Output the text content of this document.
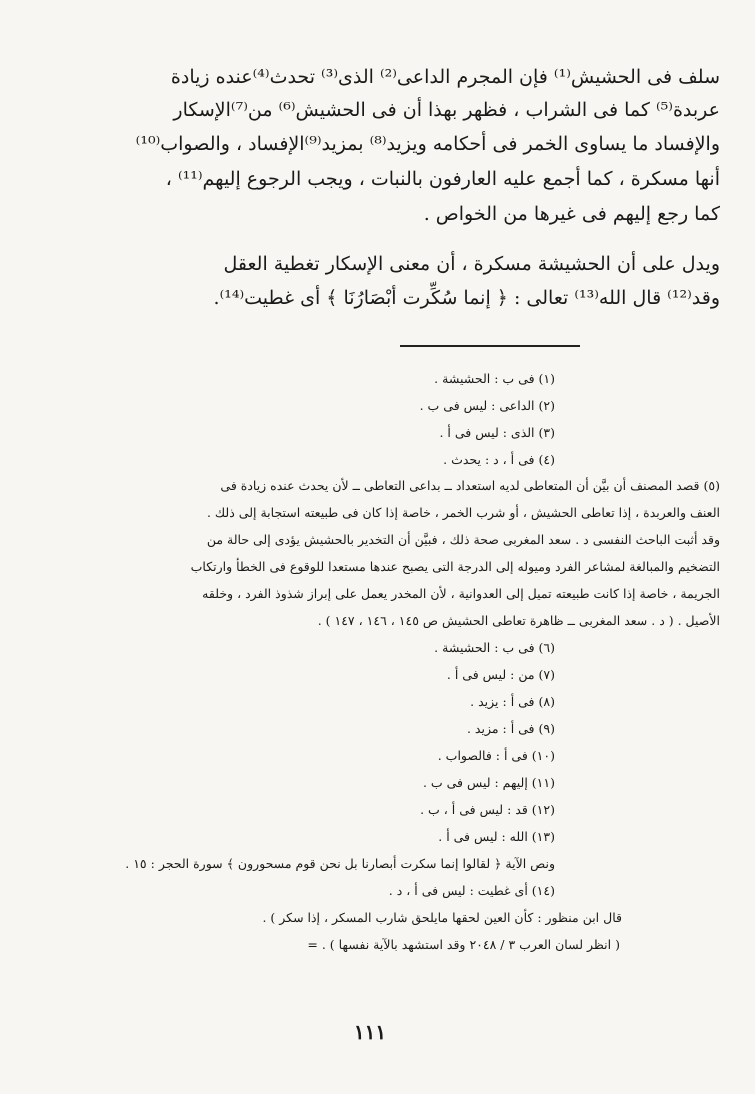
سلف فى الحشيش⁽¹⁾ فإن المجرم الداعى⁽²⁾ الذى⁽³⁾ تحدث⁽⁴⁾عنده زيادة
عربدة⁽⁵⁾ كما فى الشراب ، فظهر بهذا أن فى الحشيش⁽⁶⁾ من⁽⁷⁾الإسكار
والإفساد ما يساوى الخمر فى أحكامه ويزيد⁽⁸⁾ بمزيد⁽⁹⁾الإفساد ، والصواب⁽¹⁰⁾
أنها مسكرة ، كما أجمع عليه العارفون بالنبات ، ويجب الرجوع إليهم⁽¹¹⁾ ،
كما رجع إليهم فى غيرها من الخواص .
ويدل على أن الحشيشة مسكرة ، أن معنى الإسكار تغطية العقل
وقد⁽¹²⁾ قال الله⁽¹³⁾ تعالى : ﴿ إنما سُكِّرت أبْصَارُنَا ﴾ أى غطيت⁽¹⁴⁾.
(١) فى ب : الحشيشة .
(٢) الداعى : ليس فى ب .
(٣) الذى : ليس فى أ .
(٤) فى أ ، د : يحدث .
(٥) قصد المصنف أن بيَّن أن المتعاطى لديه استعداد ــ بداعى التعاطى ــ لأن يحدث عنده زيادة فى
العنف والعربدة ، إذا تعاطى الحشيش ، أو شرب الخمر ، خاصة إذا كان فى طبيعته استجابة إلى ذلك .
وقد أثبت الباحث النفسى د . سعد المغربى صحة ذلك ، فبيَّن أن التخدير بالحشيش يؤدى إلى حالة من
التضخيم والمبالغة لمشاعر الفرد وميوله إلى الدرجة التى يصبح عندها مستعدا للوقوع فى الخطأ وارتكاب
الجريمة ، خاصة إذا كانت طبيعته تميل إلى العدوانية ، لأن المخدر يعمل على إبراز شذوذ الفرد ، وخلقه
الأصيل . ( د . سعد المغربى ــ ظاهرة تعاطى الحشيش ص ١٤٥ ، ١٤٦ ، ١٤٧ ) .
(٦) فى ب : الحشيشة .
(٧) من : ليس فى أ .
(٨) فى أ : يزيد .
(٩) فى أ : مزيد .
(١٠) فى أ : فالصواب .
(١١) إليهم : ليس فى ب .
(١٢) قد : ليس فى أ ، ب .
(١٣) الله : ليس فى أ .
ونص الآية ﴿ لقالوا إنما سكرت أبصارنا بل نحن قوم مسحورون ﴾ سورة الحجر : ١٥ .
(١٤) أى غطيت : ليس فى أ ، د .
قال ابن منظور : كأن العين لحقها مايلحق شارب المسكر ، إذا سكر ) .
( انظر لسان العرب ٣ / ٢٠٤٨ وقد استشهد بالآية نفسها ) . =
١١١
